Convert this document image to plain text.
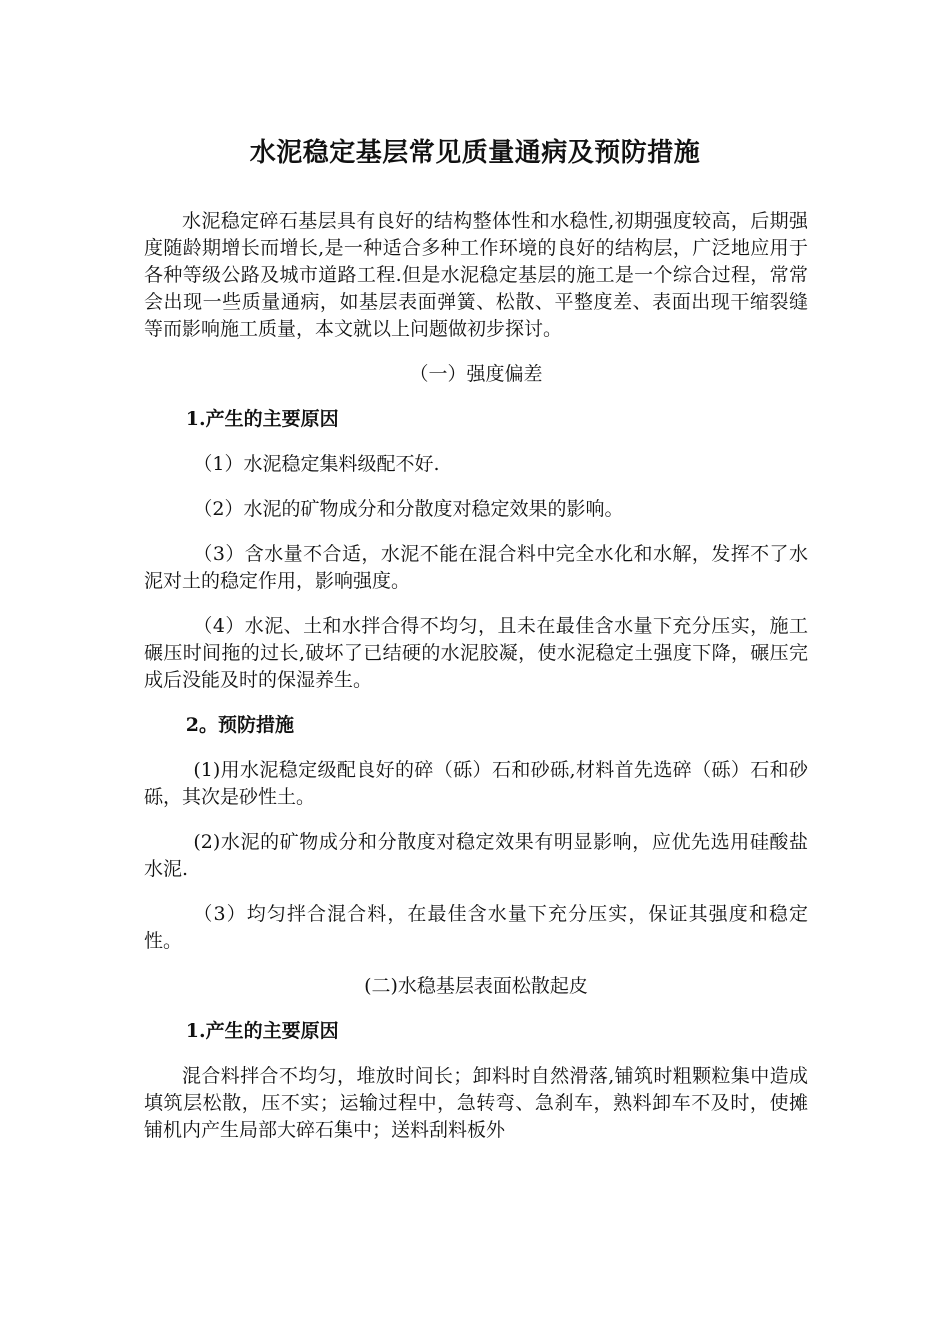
水泥稳定基层常见质量通病及预防措施

水泥稳定碎石基层具有良好的结构整体性和水稳性,初期强度较高，后期强度随龄期增长而增长,是一种适合多种工作环境的良好的结构层，广泛地应用于各种等级公路及城市道路工程.但是水泥稳定基层的施工是一个综合过程，常常会出现一些质量通病，如基层表面弹簧、松散、平整度差、表面出现干缩裂缝等而影响施工质量，本文就以上问题做初步探讨。

（一）强度偏差

1.产生的主要原因

（1）水泥稳定集料级配不好.

（2）水泥的矿物成分和分散度对稳定效果的影响。

（3）含水量不合适，水泥不能在混合料中完全水化和水解，发挥不了水泥对土的稳定作用，影响强度。

（4）水泥、土和水拌合得不均匀，且未在最佳含水量下充分压实，施工碾压时间拖的过长,破坏了已结硬的水泥胶凝，使水泥稳定土强度下降，碾压完成后没能及时的保湿养生。

2。预防措施

(1)用水泥稳定级配良好的碎（砾）石和砂砾,材料首先选碎（砾）石和砂砾，其次是砂性土。

(2)水泥的矿物成分和分散度对稳定效果有明显影响，应优先选用硅酸盐水泥.

（3）均匀拌合混合料，在最佳含水量下充分压实，保证其强度和稳定性。

(二)水稳基层表面松散起皮

1.产生的主要原因

混合料拌合不均匀，堆放时间长；卸料时自然滑落,铺筑时粗颗粒集中造成填筑层松散，压不实；运输过程中，急转弯、急刹车，熟料卸车不及时，使摊铺机内产生局部大碎石集中；送料刮料板外
